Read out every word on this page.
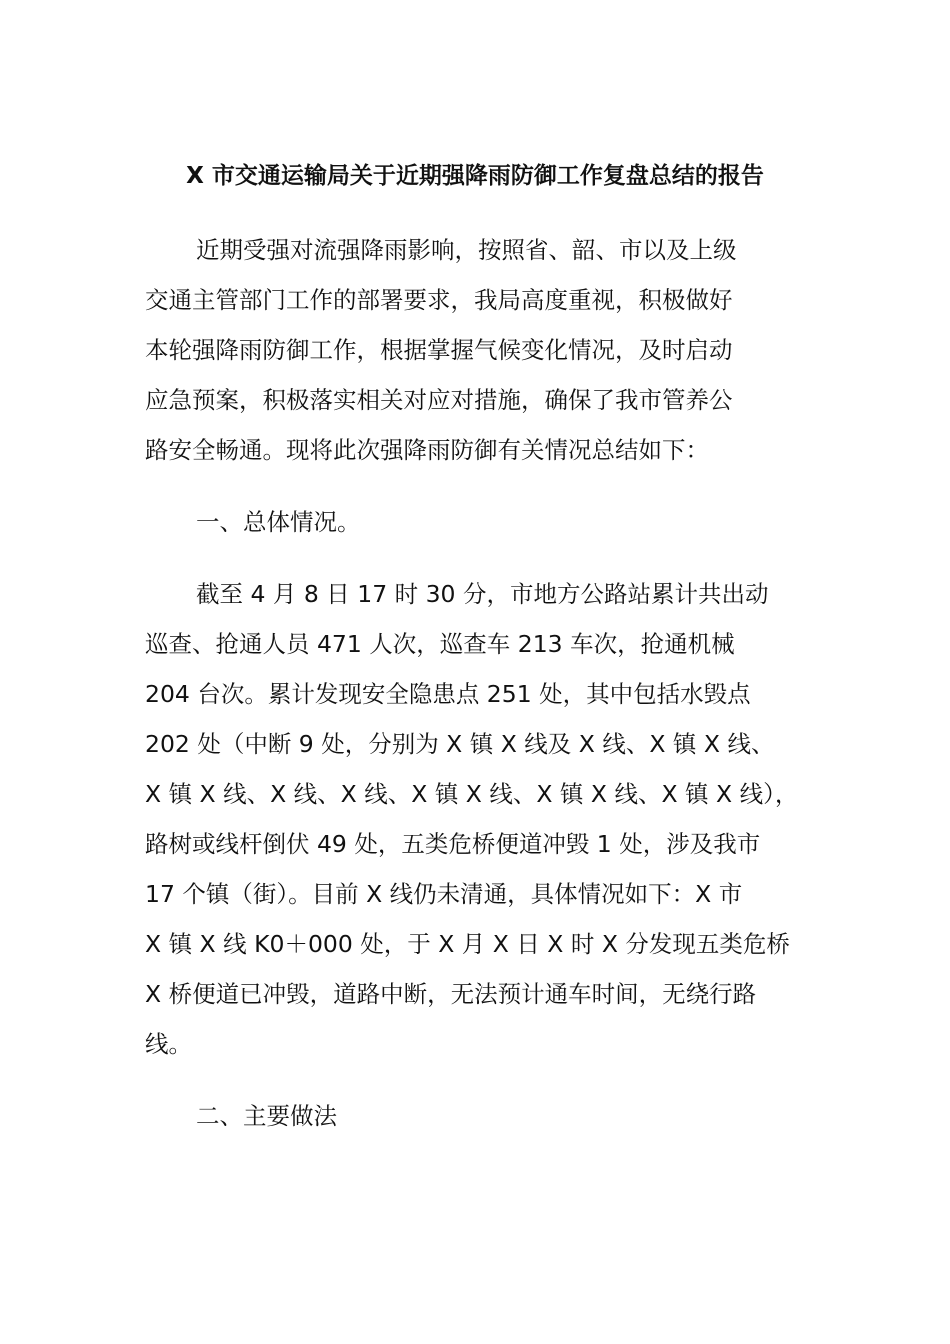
X 市交通运输局关于近期强降雨防御工作复盘总结的报告
近期受强对流强降雨影响，按照省、韶、市以及上级
交通主管部门工作的部署要求，我局高度重视，积极做好
本轮强降雨防御工作，根据掌握气候变化情况，及时启动
应急预案，积极落实相关对应对措施，确保了我市管养公
路安全畅通。现将此次强降雨防御有关情况总结如下：
一、总体情况。
截至 4 月 8 日 17 时 30 分，市地方公路站累计共出动
巡查、抢通人员 471 人次，巡查车 213 车次，抢通机械
204 台次。累计发现安全隐患点 251 处，其中包括水毁点
202 处（中断 9 处，分别为 X 镇 X 线及 X 线、X 镇 X 线、
X 镇 X 线、X 线、X 线、X 镇 X 线、X 镇 X 线、X 镇 X 线），
路树或线杆倒伏 49 处，五类危桥便道冲毁 1 处，涉及我市
17 个镇（街）。目前 X 线仍未清通，具体情况如下：X 市
X 镇 X 线 K0＋000 处，于 X 月 X 日 X 时 X 分发现五类危桥
X 桥便道已冲毁，道路中断，无法预计通车时间，无绕行路
线。
二、主要做法
